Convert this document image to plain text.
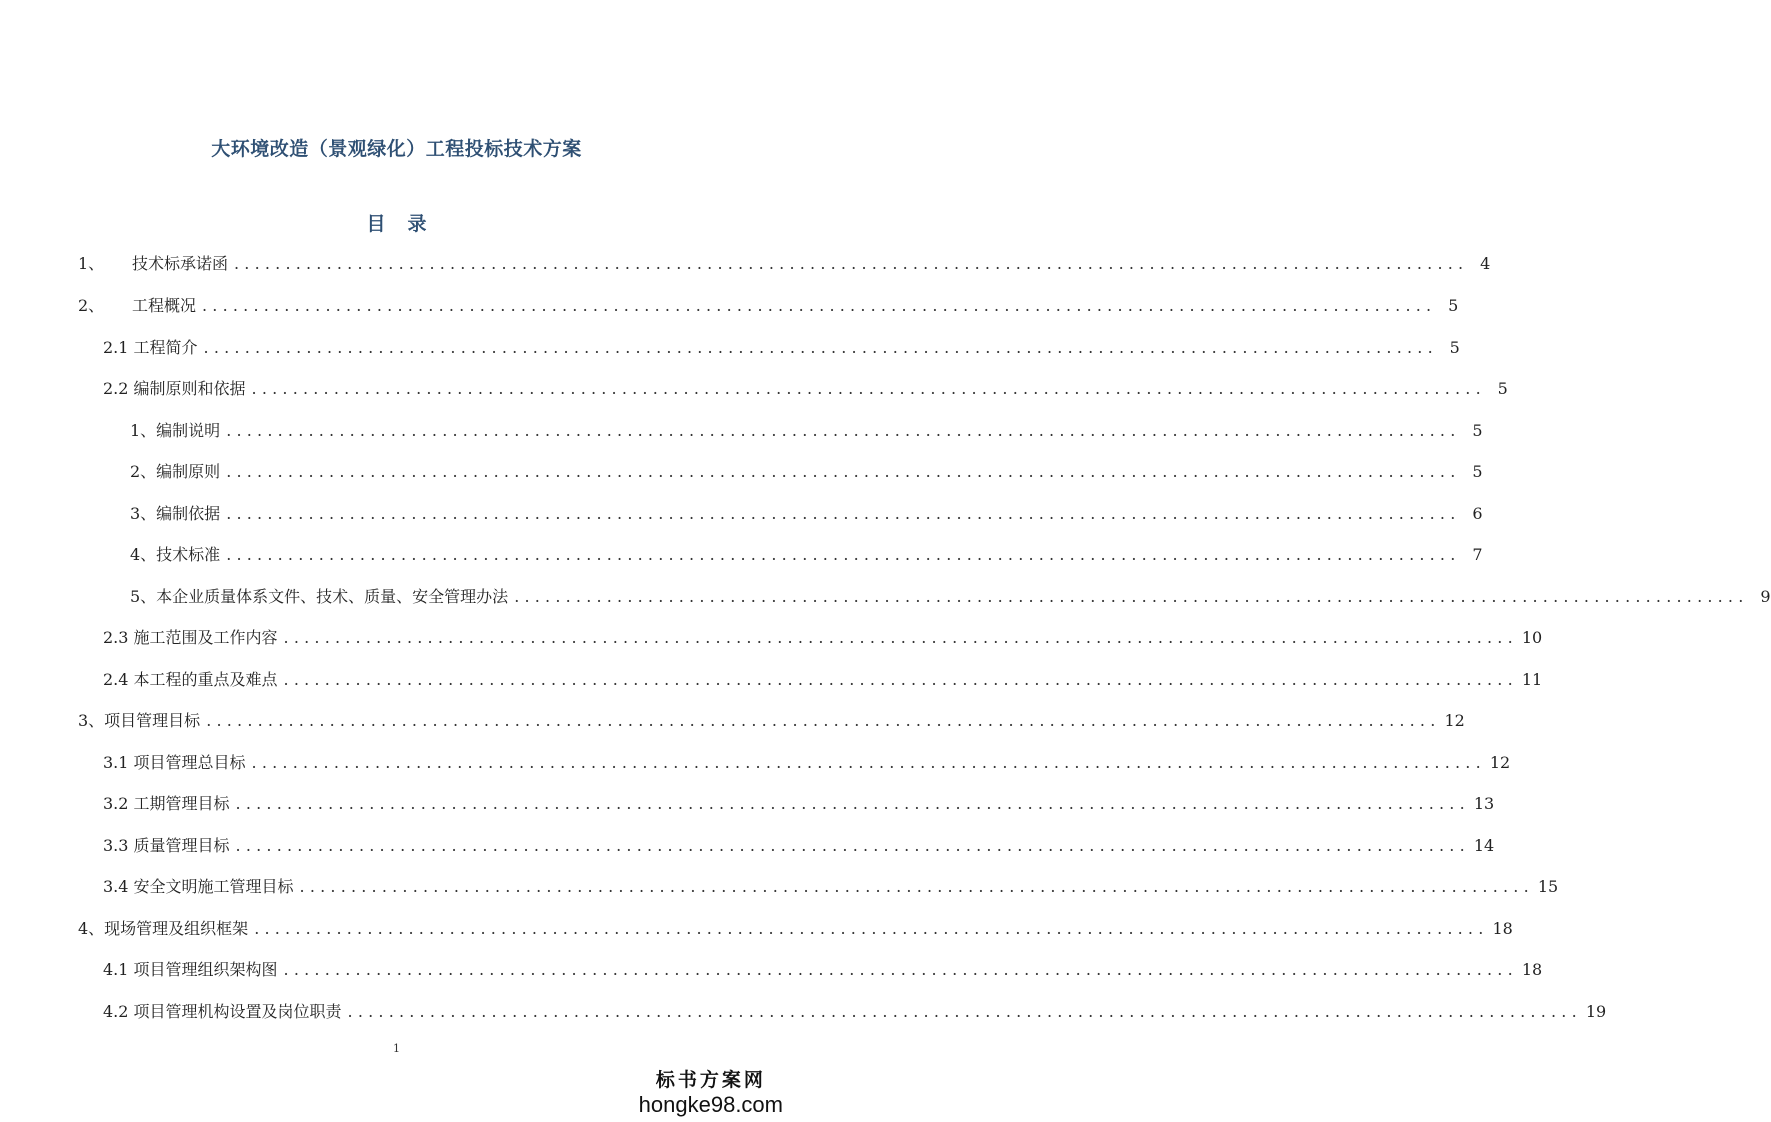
大环境改造（景观绿化）工程投标技术方案
目 录
1、	技术标承诺函 ........................................................................................................................ 4
2、	工程概况 ........................................................................................................................ 5
2.1 工程简介 ........................................................................................................................ 5
2.2 编制原则和依据 ........................................................................................................................ 5
1、编制说明 ........................................................................................................................ 5
2、编制原则 ........................................................................................................................ 5
3、编制依据 ........................................................................................................................ 6
4、技术标准 ........................................................................................................................ 7
5、本企业质量体系文件、技术、质量、安全管理办法 ........................................................................................................................ 9
2.3 施工范围及工作内容 ........................................................................................................................ 10
2.4 本工程的重点及难点 ........................................................................................................................ 11
3、项目管理目标 ........................................................................................................................ 12
3.1 项目管理总目标 ........................................................................................................................ 12
3.2 工期管理目标 ........................................................................................................................ 13
3.3 质量管理目标 ........................................................................................................................ 14
3.4 安全文明施工管理目标 ........................................................................................................................ 15
4、现场管理及组织框架 ........................................................................................................................ 18
4.1 项目管理组织架构图 ........................................................................................................................ 18
4.2 项目管理机构设置及岗位职责 ........................................................................................................................ 19
1
标书方案网
hongke98.com
